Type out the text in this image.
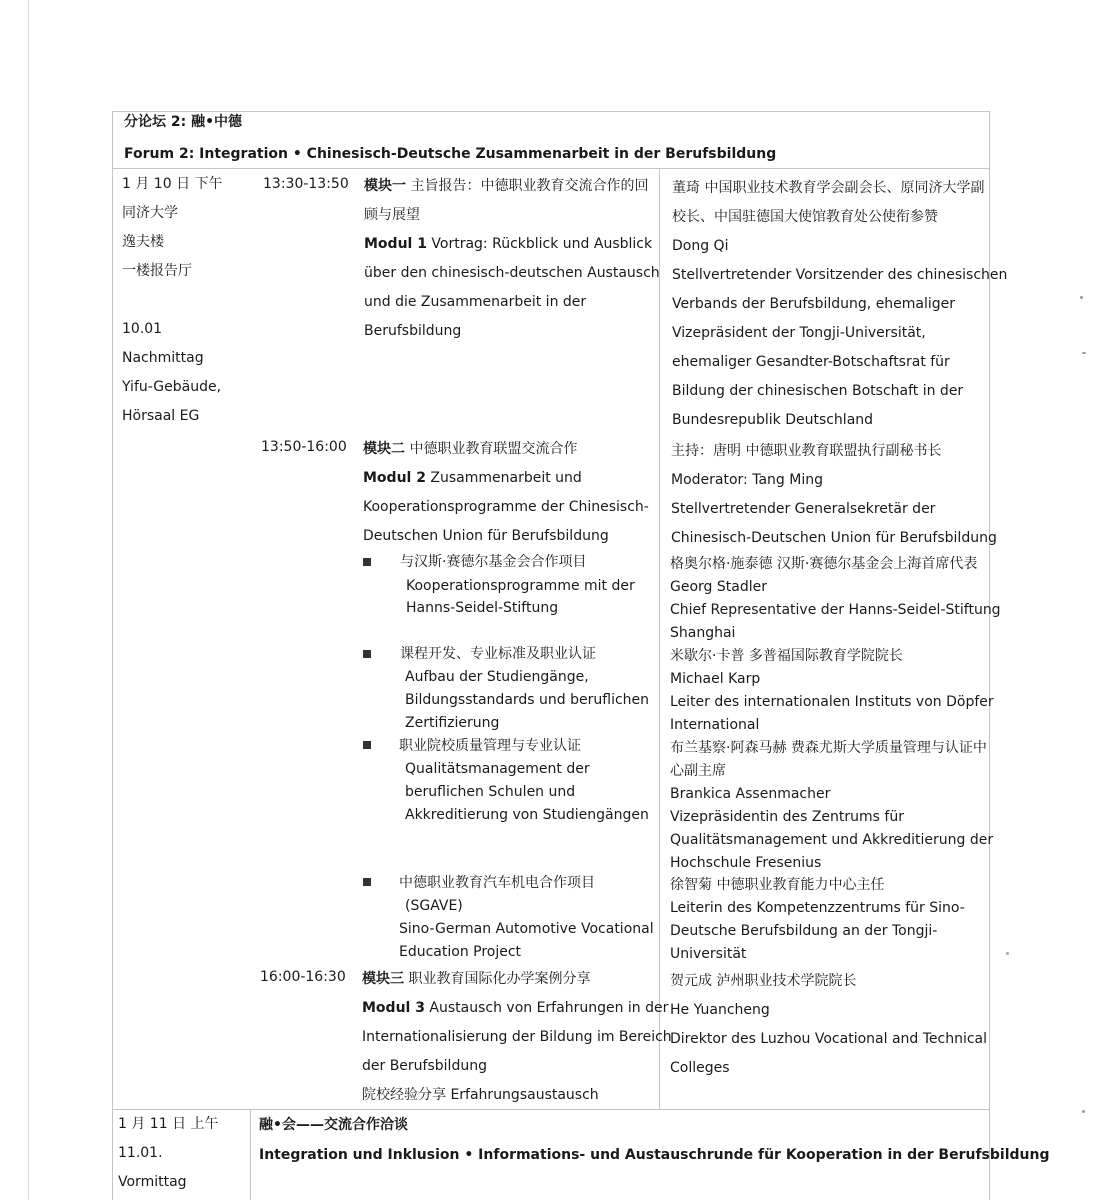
分论坛 2: 融•中德
Forum 2: Integration • Chinesisch-Deutsche Zusammenarbeit in der Berufsbildung
1 月 10 日 下午
同济大学
逸夫楼
一楼报告厅
10.01
Nachmittag
Yifu-Gebäude,
Hörsaal EG
13:30-13:50 模块一 主旨报告：中德职业教育交流合作的回
顾与展望
Modul 1 Vortrag: Rückblick und Ausblick
über den chinesisch-deutschen Austausch
und die Zusammenarbeit in der
Berufsbildung
董琦 中国职业技术教育学会副会长、原同济大学副
校长、中国驻德国大使馆教育处公使衔参赞
Dong Qi
Stellvertretender Vorsitzender des chinesischen
Verbands der Berufsbildung, ehemaliger
Vizepräsident der Tongji-Universität,
ehemaliger Gesandter-Botschaftsrat für
Bildung der chinesischen Botschaft in der
Bundesrepublik Deutschland
13:50-16:00 模块二 中德职业教育联盟交流合作
Modul 2 Zusammenarbeit und
Kooperationsprogramme der Chinesisch-
Deutschen Union für Berufsbildung
主持：唐明 中德职业教育联盟执行副秘书长
Moderator: Tang Ming
Stellvertretender Generalsekretär der
Chinesisch-Deutschen Union für Berufsbildung
与汉斯·赛德尔基金会合作项目
Kooperationsprogramme mit der
Hanns-Seidel-Stiftung
格奥尔格·施泰德 汉斯·赛德尔基金会上海首席代表
Georg Stadler
Chief Representative der Hanns-Seidel-Stiftung
Shanghai
课程开发、专业标准及职业认证
Aufbau der Studiengänge,
Bildungsstandards und beruflichen
Zertifizierung
米歇尔·卡普 多普福国际教育学院院长
Michael Karp
Leiter des internationalen Instituts von Döpfer
International
职业院校质量管理与专业认证
Qualitätsmanagement der
beruflichen Schulen und
Akkreditierung von Studiengängen
布兰基察·阿森马赫 费森尤斯大学质量管理与认证中
心副主席
Brankica Assenmacher
Vizepräsidentin des Zentrums für
Qualitätsmanagement und Akkreditierung der
Hochschule Fresenius
中德职业教育汽车机电合作项目
(SGAVE)
Sino-German Automotive Vocational
Education Project
徐智菊 中德职业教育能力中心主任
Leiterin des Kompetenzzentrums für Sino-
Deutsche Berufsbildung an der Tongji-
Universität
16:00-16:30 模块三 职业教育国际化办学案例分享
Modul 3 Austausch von Erfahrungen in der
Internationalisierung der Bildung im Bereich
der Berufsbildung
院校经验分享 Erfahrungsaustausch
贺元成 泸州职业技术学院院长
He Yuancheng
Direktor des Luzhou Vocational and Technical
Colleges
1 月 11 日 上午
11.01.
Vormittag
融•会——交流合作洽谈
Integration und Inklusion • Informations- und Austauschrunde für Kooperation in der Berufsbildung
